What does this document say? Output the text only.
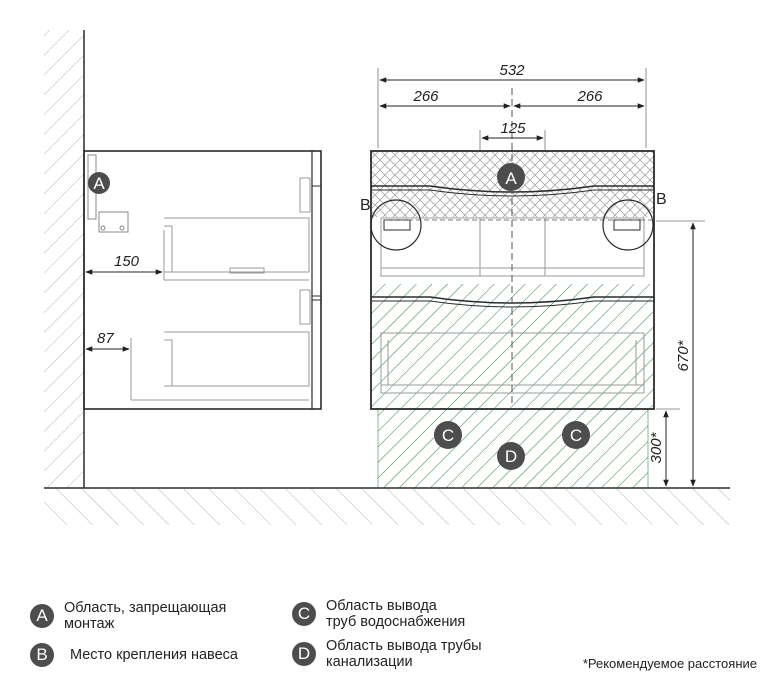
150
87
A
B	B
A
C	C
D
532
266	266
125
670*
300*
A	Область, запрещающая
монтаж
B	Место крепления навеса
C	Область вывода
труб водоснабжения
D	Область вывода трубы
канализации	*Рекомендуемое расстояние
